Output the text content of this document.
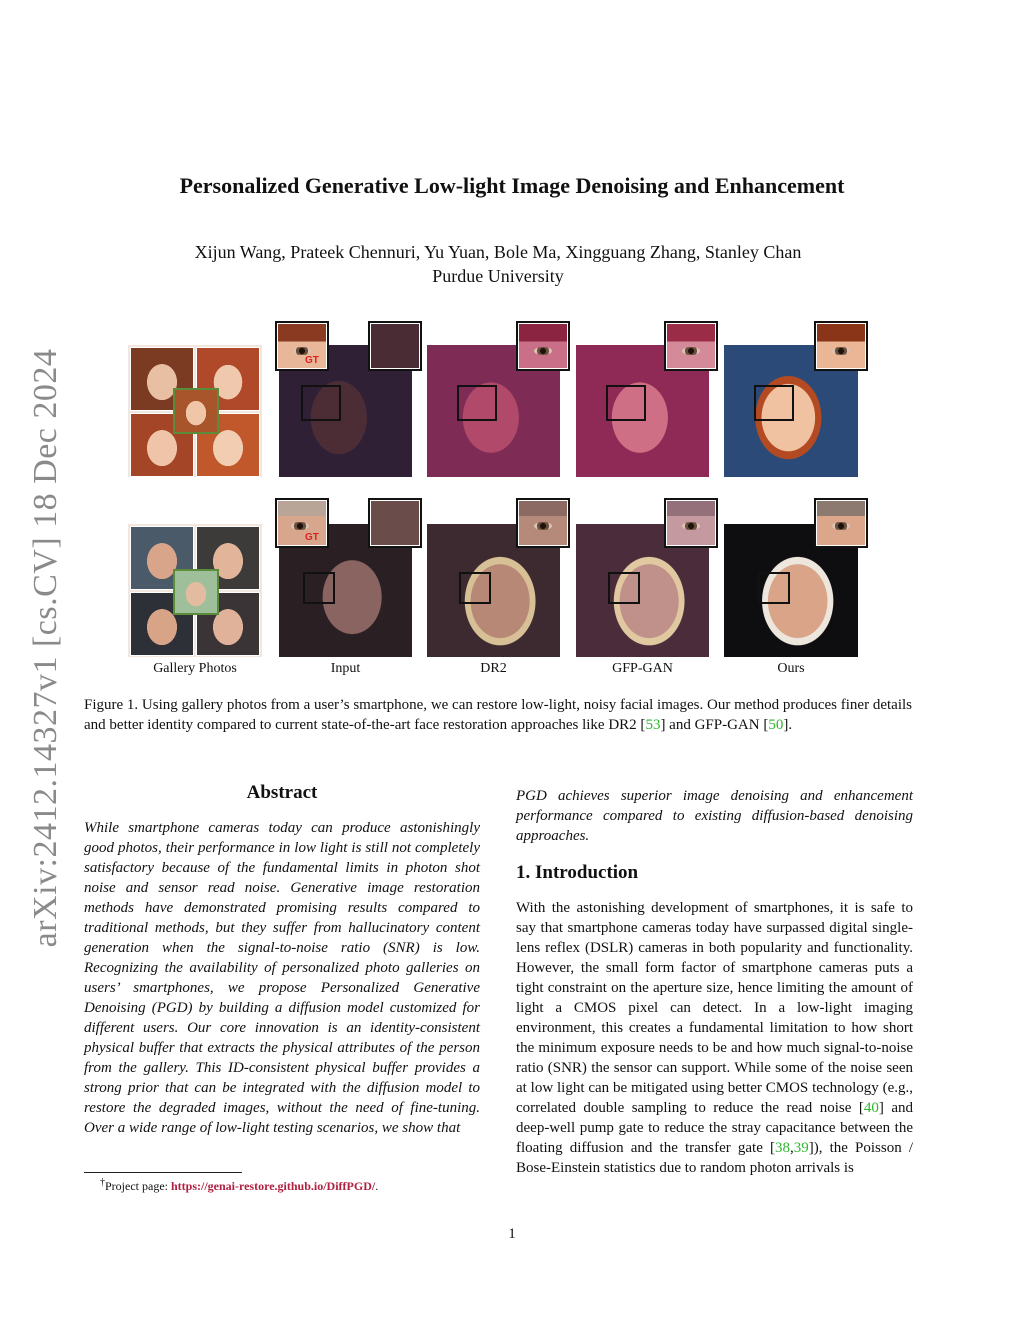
arXiv:2412.14327v1 [cs.CV] 18 Dec 2024
Personalized Generative Low-light Image Denoising and Enhancement
Xijun Wang, Prateek Chennuri, Yu Yuan, Bole Ma, Xingguang Zhang, Stanley Chan
Purdue University
GT
GT
Gallery Photos	Input	DR2	GFP-GAN	Ours
Figure 1. Using gallery photos from a user’s smartphone, we can restore low-light, noisy facial images. Our method produces finer details and better identity compared to current state-of-the-art face restoration approaches like DR2 [53] and GFP-GAN [50].
Abstract
While smartphone cameras today can produce astonishingly good photos, their performance in low light is still not completely satisfactory because of the fundamental limits in photon shot noise and sensor read noise. Generative image restoration methods have demonstrated promising results compared to traditional methods, but they suffer from hallucinatory content generation when the signal-to-noise ratio (SNR) is low. Recognizing the availability of personalized photo galleries on users’ smartphones, we propose Personalized Generative Denoising (PGD) by building a diffusion model customized for different users. Our core innovation is an identity-consistent physical buffer that extracts the physical attributes of the person from the gallery. This ID-consistent physical buffer provides a strong prior that can be integrated with the diffusion model to restore the degraded images, without the need of fine-tuning. Over a wide range of low-light testing scenarios, we show that
PGD achieves superior image denoising and enhancement performance compared to existing diffusion-based denoising approaches.
1. Introduction
With the astonishing development of smartphones, it is safe to say that smartphone cameras today have surpassed digital single-lens reflex (DSLR) cameras in both popularity and functionality. However, the small form factor of smartphone cameras puts a tight constraint on the aperture size, hence limiting the amount of light a CMOS pixel can detect. In a low-light imaging environment, this creates a fundamental limitation to how short the minimum exposure needs to be and how much signal-to-noise ratio (SNR) the sensor can support. While some of the noise seen at low light can be mitigated using better CMOS technology (e.g., correlated double sampling to reduce the read noise [40] and deep-well pump gate to reduce the stray capacitance between the floating diffusion and the transfer gate [38,39]), the Poisson / Bose-Einstein statistics due to random photon arrivals is
†Project page: https://genai-restore.github.io/DiffPGD/.
1
